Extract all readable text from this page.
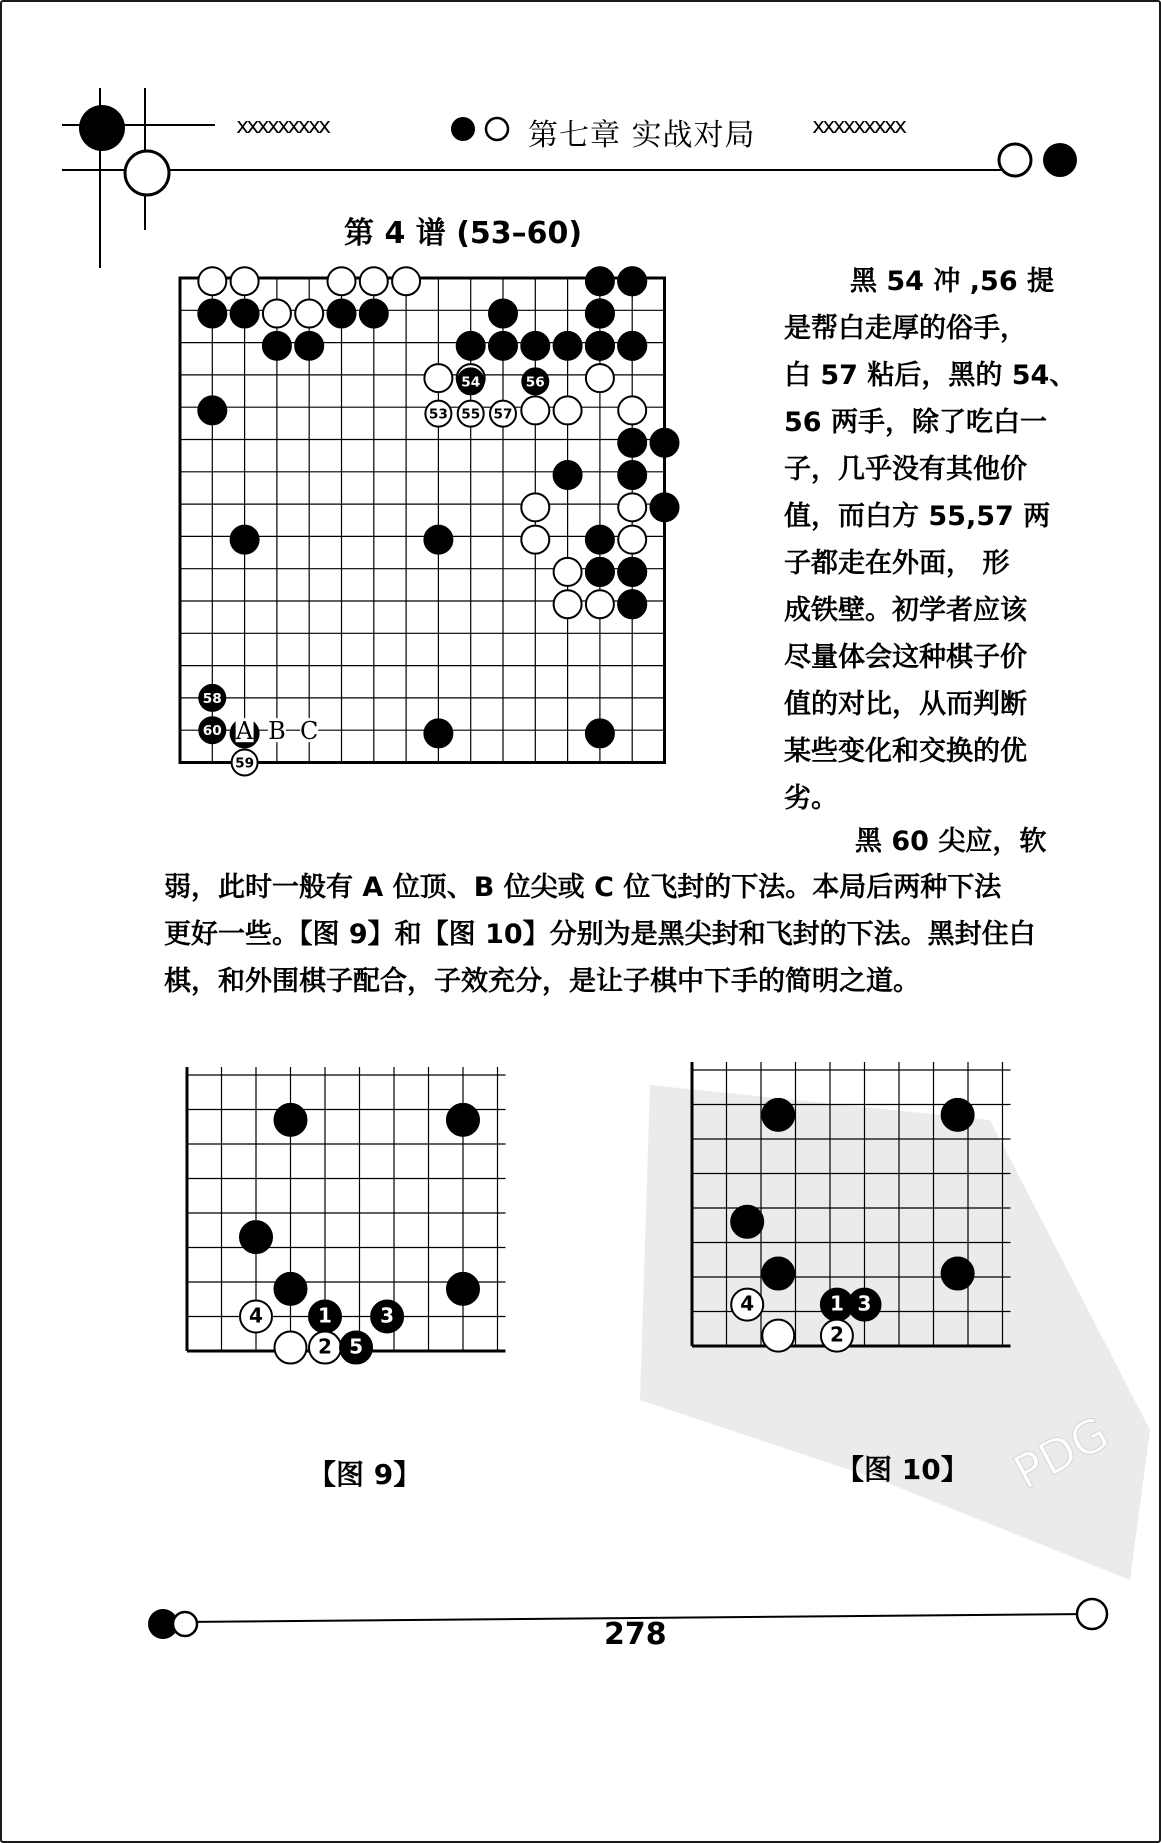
xxxxxxxxx	第七章 实战对局	xxxxxxxxx
第 4 谱 (53–60)
53
54
55
56
57
58
59
60 A B C
黑 54 冲 ,56 提
是帮白走厚的俗手，
白 57 粘后，黑的 54、
56 两手，除了吃白一
子，几乎没有其他价
值，而白方 55,57 两
子都走在外面， 形
成铁壁。初学者应该
尽量体会这种棋子价
值的对比，从而判断
某些变化和交换的优
劣。
黑 60 尖应，软
弱，此时一般有 A 位顶、B 位尖或 C 位飞封的下法。本局后两种下法
更好一些。【图 9】和【图 10】分别为是黑尖封和飞封的下法。黑封住白
棋，和外围棋子配合，子效充分，是让子棋中下手的简明之道。
PDG
1
2
3
4
5
1
2
3
4
【图 9】	【图 10】
278
